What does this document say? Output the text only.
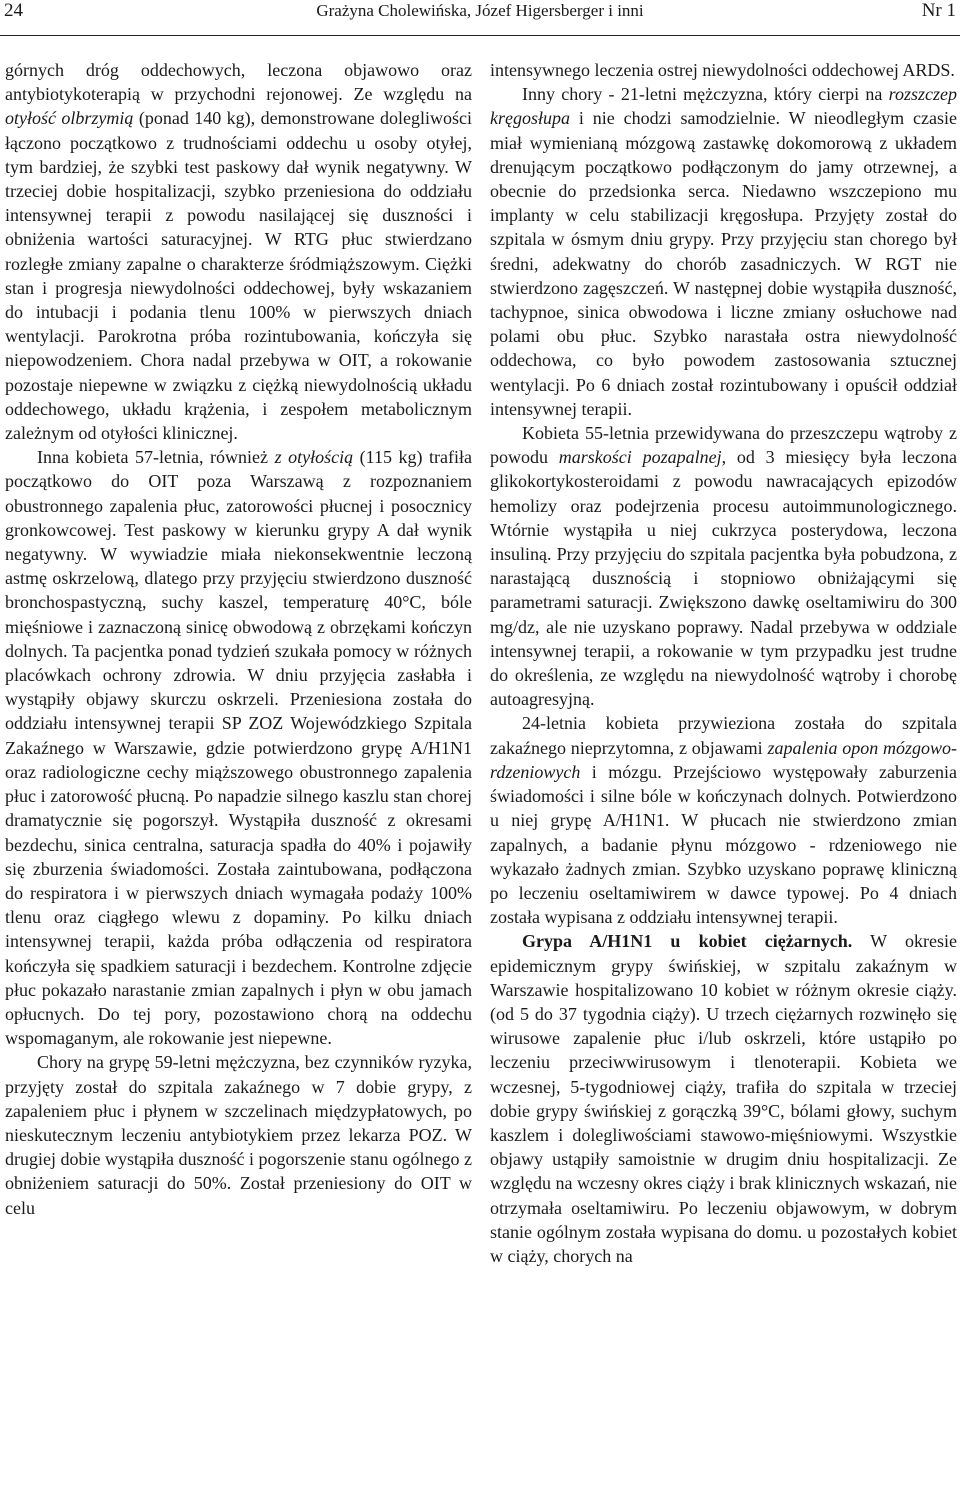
24	Grażyna Cholewińska, Józef Higersberger i inni	Nr 1

górnych dróg oddechowych, leczona objawowo oraz antybiotykoterapią w przychodni rejonowej. Ze względu na otyłość olbrzymią (ponad 140 kg), demonstrowane dolegliwości łączono początkowo z trudnościami oddechu u osoby otyłej, tym bardziej, że szybki test paskowy dał wynik negatywny. W trzeciej dobie hospitalizacji, szybko przeniesiona do oddziału intensywnej terapii z powodu nasilającej się duszności i obniżenia wartości saturacyjnej. W RTG płuc stwierdzano rozległe zmiany zapalne o charakterze śródmiąższowym. Ciężki stan i progresja niewydolności oddechowej, były wskazaniem do intubacji i podania tlenu 100% w pierwszych dniach wentylacji. Parokrotna próba rozintubowania, kończyła się niepowodzeniem. Chora nadal przebywa w OIT, a rokowanie pozostaje niepewne w związku z ciężką niewydolnością układu oddechowego, układu krążenia, i zespołem metabolicznym zależnym od otyłości klinicznej.

Inna kobieta 57-letnia, również z otyłością (115 kg) trafiła początkowo do OIT poza Warszawą z rozpoznaniem obustronnego zapalenia płuc, zatorowości płucnej i posocznicy gronkowcowej. Test paskowy w kierunku grypy A dał wynik negatywny. W wywiadzie miała niekonsekwentnie leczoną astmę oskrzelową, dlatego przy przyjęciu stwierdzono duszność bronchospastyczną, suchy kaszel, temperaturę 40°C, bóle mięśniowe i zaznaczoną sinicę obwodową z obrzękami kończyn dolnych. Ta pacjentka ponad tydzień szukała pomocy w różnych placówkach ochrony zdrowia. W dniu przyjęcia zasłabła i wystąpiły objawy skurczu oskrzeli. Przeniesiona została do oddziału intensywnej terapii SP ZOZ Wojewódzkiego Szpitala Zakaźnego w Warszawie, gdzie potwierdzono grypę A/H1N1 oraz radiologiczne cechy miąższowego obustronnego zapalenia płuc i zatorowość płucną. Po napadzie silnego kaszlu stan chorej dramatycznie się pogorszył. Wystąpiła duszność z okresami bezdechu, sinica centralna, saturacja spadła do 40% i pojawiły się zburzenia świadomości. Została zaintubowana, podłączona do respiratora i w pierwszych dniach wymagała podaży 100% tlenu oraz ciągłego wlewu z dopaminy. Po kilku dniach intensywnej terapii, każda próba odłączenia od respiratora kończyła się spadkiem saturacji i bezdechem. Kontrolne zdjęcie płuc pokazało narastanie zmian zapalnych i płyn w obu jamach opłucnych. Do tej pory, pozostawiono chorą na oddechu wspomaganym, ale rokowanie jest niepewne.

Chory na grypę 59-letni mężczyzna, bez czynników ryzyka, przyjęty został do szpitala zakaźnego w 7 dobie grypy, z zapaleniem płuc i płynem w szczelinach międzypłatowych, po nieskutecznym leczeniu antybiotykiem przez lekarza POZ. W drugiej dobie wystąpiła duszność i pogorszenie stanu ogólnego z obniżeniem saturacji do 50%. Został przeniesiony do OIT w celu

intensywnego leczenia ostrej niewydolności oddechowej ARDS.

Inny chory - 21-letni mężczyzna, który cierpi na rozszczep kręgosłupa i nie chodzi samodzielnie. W nieodległym czasie miał wymienianą mózgową zastawkę dokomorową z układem drenującym początkowo podłączonym do jamy otrzewnej, a obecnie do przedsionka serca. Niedawno wszczepiono mu implanty w celu stabilizacji kręgosłupa. Przyjęty został do szpitala w ósmym dniu grypy. Przy przyjęciu stan chorego był średni, adekwatny do chorób zasadniczych. W RGT nie stwierdzono zagęszczeń. W następnej dobie wystąpiła duszność, tachypnoe, sinica obwodowa i liczne zmiany osłuchowe nad polami obu płuc. Szybko narastała ostra niewydolność oddechowa, co było powodem zastosowania sztucznej wentylacji. Po 6 dniach został rozintubowany i opuścił oddział intensywnej terapii.

Kobieta 55-letnia przewidywana do przeszczepu wątroby z powodu marskości pozapalnej, od 3 miesięcy była leczona glikokortykosteroidami z powodu nawracających epizodów hemolizy oraz podejrzenia procesu autoimmunologicznego. Wtórnie wystąpiła u niej cukrzyca posterydowa, leczona insuliną. Przy przyjęciu do szpitala pacjentka była pobudzona, z narastającą dusznością i stopniowo obniżającymi się parametrami saturacji. Zwiększono dawkę oseltamiwiru do 300 mg/dz, ale nie uzyskano poprawy. Nadal przebywa w oddziale intensywnej terapii, a rokowanie w tym przypadku jest trudne do określenia, ze względu na niewydolność wątroby i chorobę autoagresyjną.

24-letnia kobieta przywieziona została do szpitala zakaźnego nieprzytomna, z objawami zapalenia opon mózgowo-rdzeniowych i mózgu. Przejściowo występowały zaburzenia świadomości i silne bóle w kończynach dolnych. Potwierdzono u niej grypę A/H1N1. W płucach nie stwierdzono zmian zapalnych, a badanie płynu mózgowo - rdzeniowego nie wykazało żadnych zmian. Szybko uzyskano poprawę kliniczną po leczeniu oseltamiwirem w dawce typowej. Po 4 dniach została wypisana z oddziału intensywnej terapii.

Grypa A/H1N1 u kobiet ciężarnych. W okresie epidemicznym grypy świńskiej, w szpitalu zakaźnym w Warszawie hospitalizowano 10 kobiet w różnym okresie ciąży. (od 5 do 37 tygodnia ciąży). U trzech ciężarnych rozwinęło się wirusowe zapalenie płuc i/lub oskrzeli, które ustąpiło po leczeniu przeciwwirusowym i tlenoterapii. Kobieta we wczesnej, 5-tygodniowej ciąży, trafiła do szpitala w trzeciej dobie grypy świńskiej z gorączką 39°C, bólami głowy, suchym kaszlem i dolegliwościami stawowo-mięśniowymi. Wszystkie objawy ustąpiły samoistnie w drugim dniu hospitalizacji. Ze względu na wczesny okres ciąży i brak klinicznych wskazań, nie otrzymała oseltamiwiru. Po leczeniu objawowym, w dobrym stanie ogólnym została wypisana do domu. u pozostałych kobiet w ciąży, chorych na
